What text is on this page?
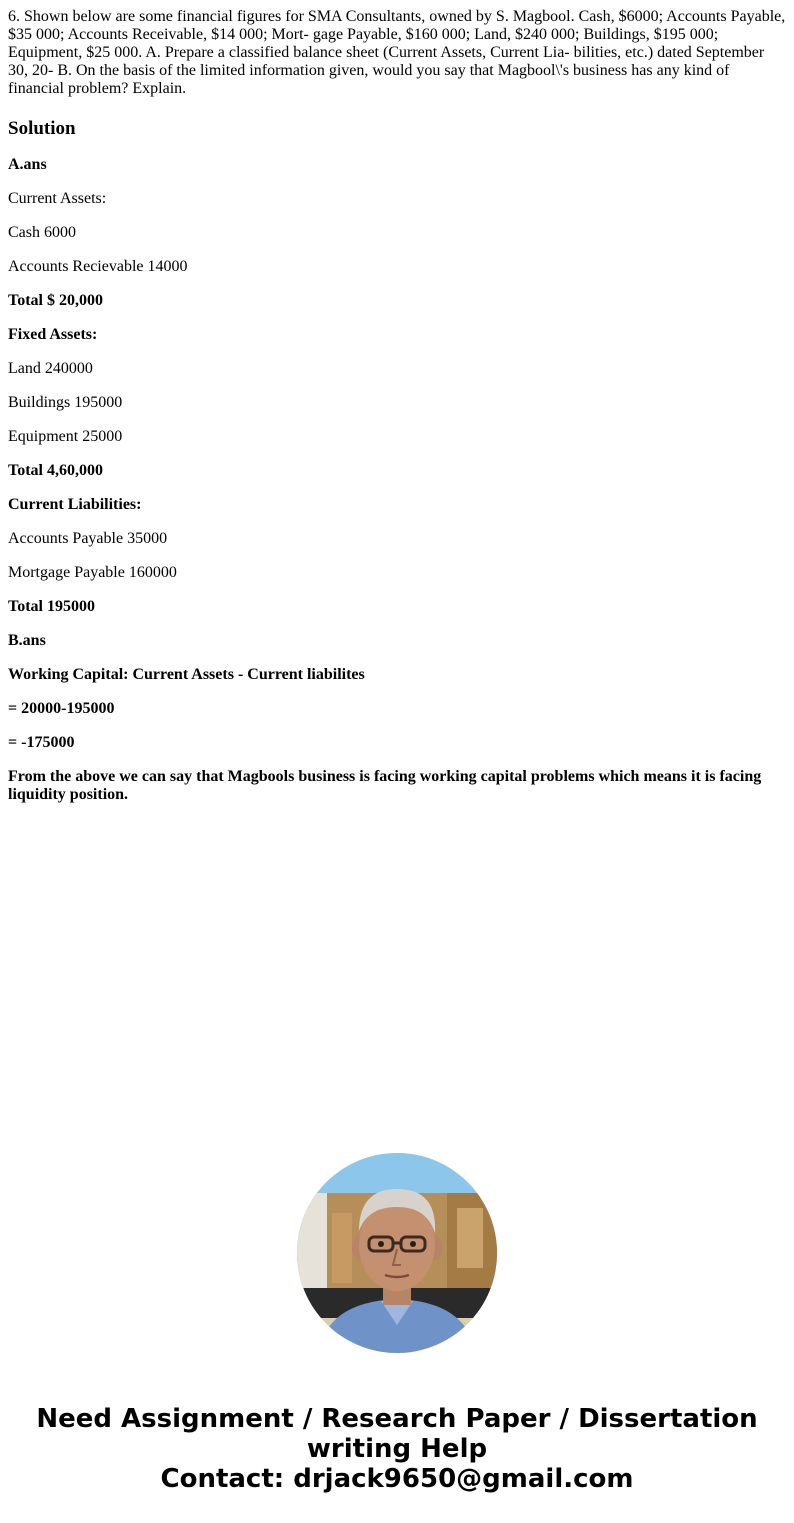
6. Shown below are some financial figures for SMA Consultants, owned by S. Magbool. Cash, $6000; Accounts Payable, $35 000; Accounts Receivable, $14 000; Mort- gage Payable, $160 000; Land, $240 000; Buildings, $195 000; Equipment, $25 000. A. Prepare a classified balance sheet (Current Assets, Current Lia- bilities, etc.) dated September 30, 20- B. On the basis of the limited information given, would you say that Magbool\'s business has any kind of financial problem? Explain.

Solution

A.ans

Current Assets:

Cash 6000

Accounts Recievable 14000

Total $ 20,000

Fixed Assets:

Land 240000

Buildings 195000

Equipment 25000

Total 4,60,000

Current Liabilities:

Accounts Payable 35000

Mortgage Payable 160000

Total 195000

B.ans

Working Capital: Current Assets - Current liabilites

= 20000-195000

= -175000

From the above we can say that Magbools business is facing working capital problems which means it is facing liquidity position.

Need Assignment / Research Paper / Dissertation
writing Help
Contact: drjack9650@gmail.com
